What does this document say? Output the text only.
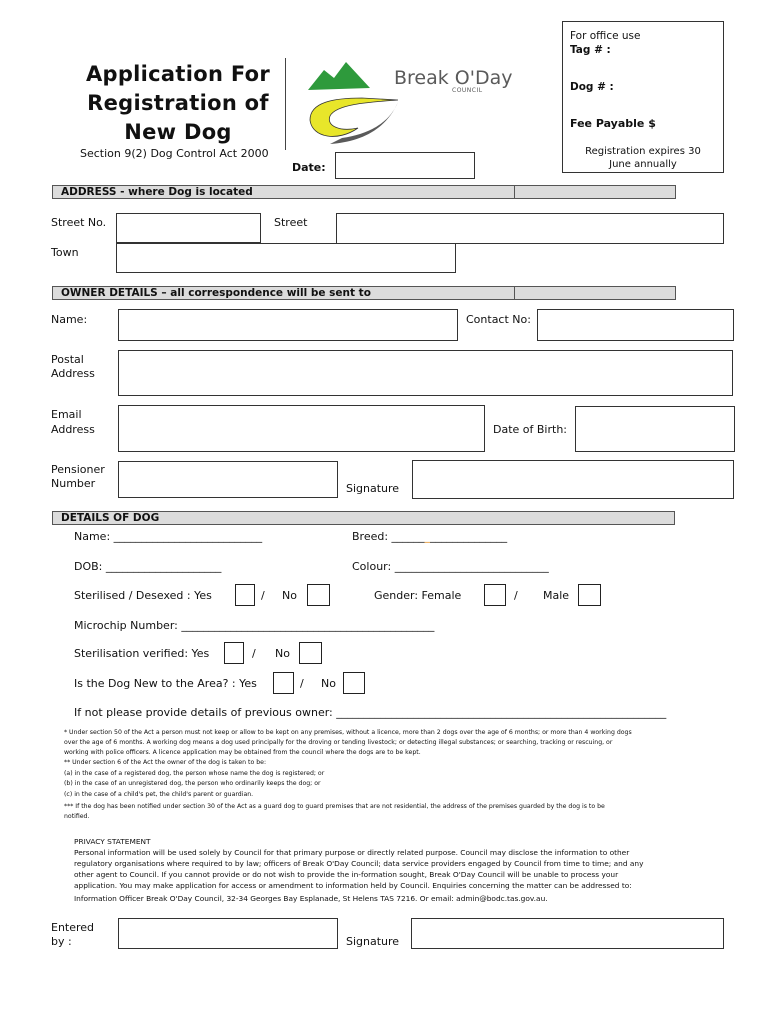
Application For
Registration of
New Dog
Section 9(2) Dog Control Act 2000
Break O'Day
COUNCIL
Date:
For office use
Tag # :
Dog # :
Fee Payable $
Registration expires 30
June annually
ADDRESS - where Dog is located
Street No.	Street
Town
OWNER DETAILS – all correspondence will be sent to
Name:	Contact No:
Postal
Address
Email
Address	Date of Birth:
Pensioner
Number	Signature
DETAILS OF DOG
Name: ___________________________	Breed: _____________________
DOB: _____________________	Colour: ____________________________
Sterilised / Desexed : Yes	/ No	Gender: Female	/ Male
Microchip Number: ______________________________________________
Sterilisation verified: Yes	/ No
Is the Dog New to the Area? : Yes	/ No
If not please provide details of previous owner: ____________________________________________________________
* Under section 50 of the Act a person must not keep or allow to be kept on any premises, without a licence, more than 2 dogs over the age of 6 months; or more than 4 working dogs
over the age of 6 months. A working dog means a dog used principally for the droving or tending livestock; or detecting illegal substances; or searching, tracking or rescuing, or
working with police officers. A licence application may be obtained from the council where the dogs are to be kept.
** Under section 6 of the Act the owner of the dog is taken to be:
(a) in the case of a registered dog, the person whose name the dog is registered; or
(b) in the case of an unregistered dog, the person who ordinarily keeps the dog; or
(c) in the case of a child's pet, the child's parent or guardian.
*** If the dog has been notified under section 30 of the Act as a guard dog to guard premises that are not residential, the address of the premises guarded by the dog is to be
notified.
PRIVACY STATEMENT
Personal information will be used solely by Council for that primary purpose or directly related purpose. Council may disclose the information to other
regulatory organisations where required to by law; officers of Break O'Day Council; data service providers engaged by Council from time to time; and any
other agent to Council. If you cannot provide or do not wish to provide the in-formation sought, Break O'Day Council will be unable to process your
application. You may make application for access or amendment to information held by Council. Enquiries concerning the matter can be addressed to:
Information Officer Break O'Day Council, 32-34 Georges Bay Esplanade, St Helens TAS 7216. Or email: admin@bodc.tas.gov.au.
Entered
by :	Signature
